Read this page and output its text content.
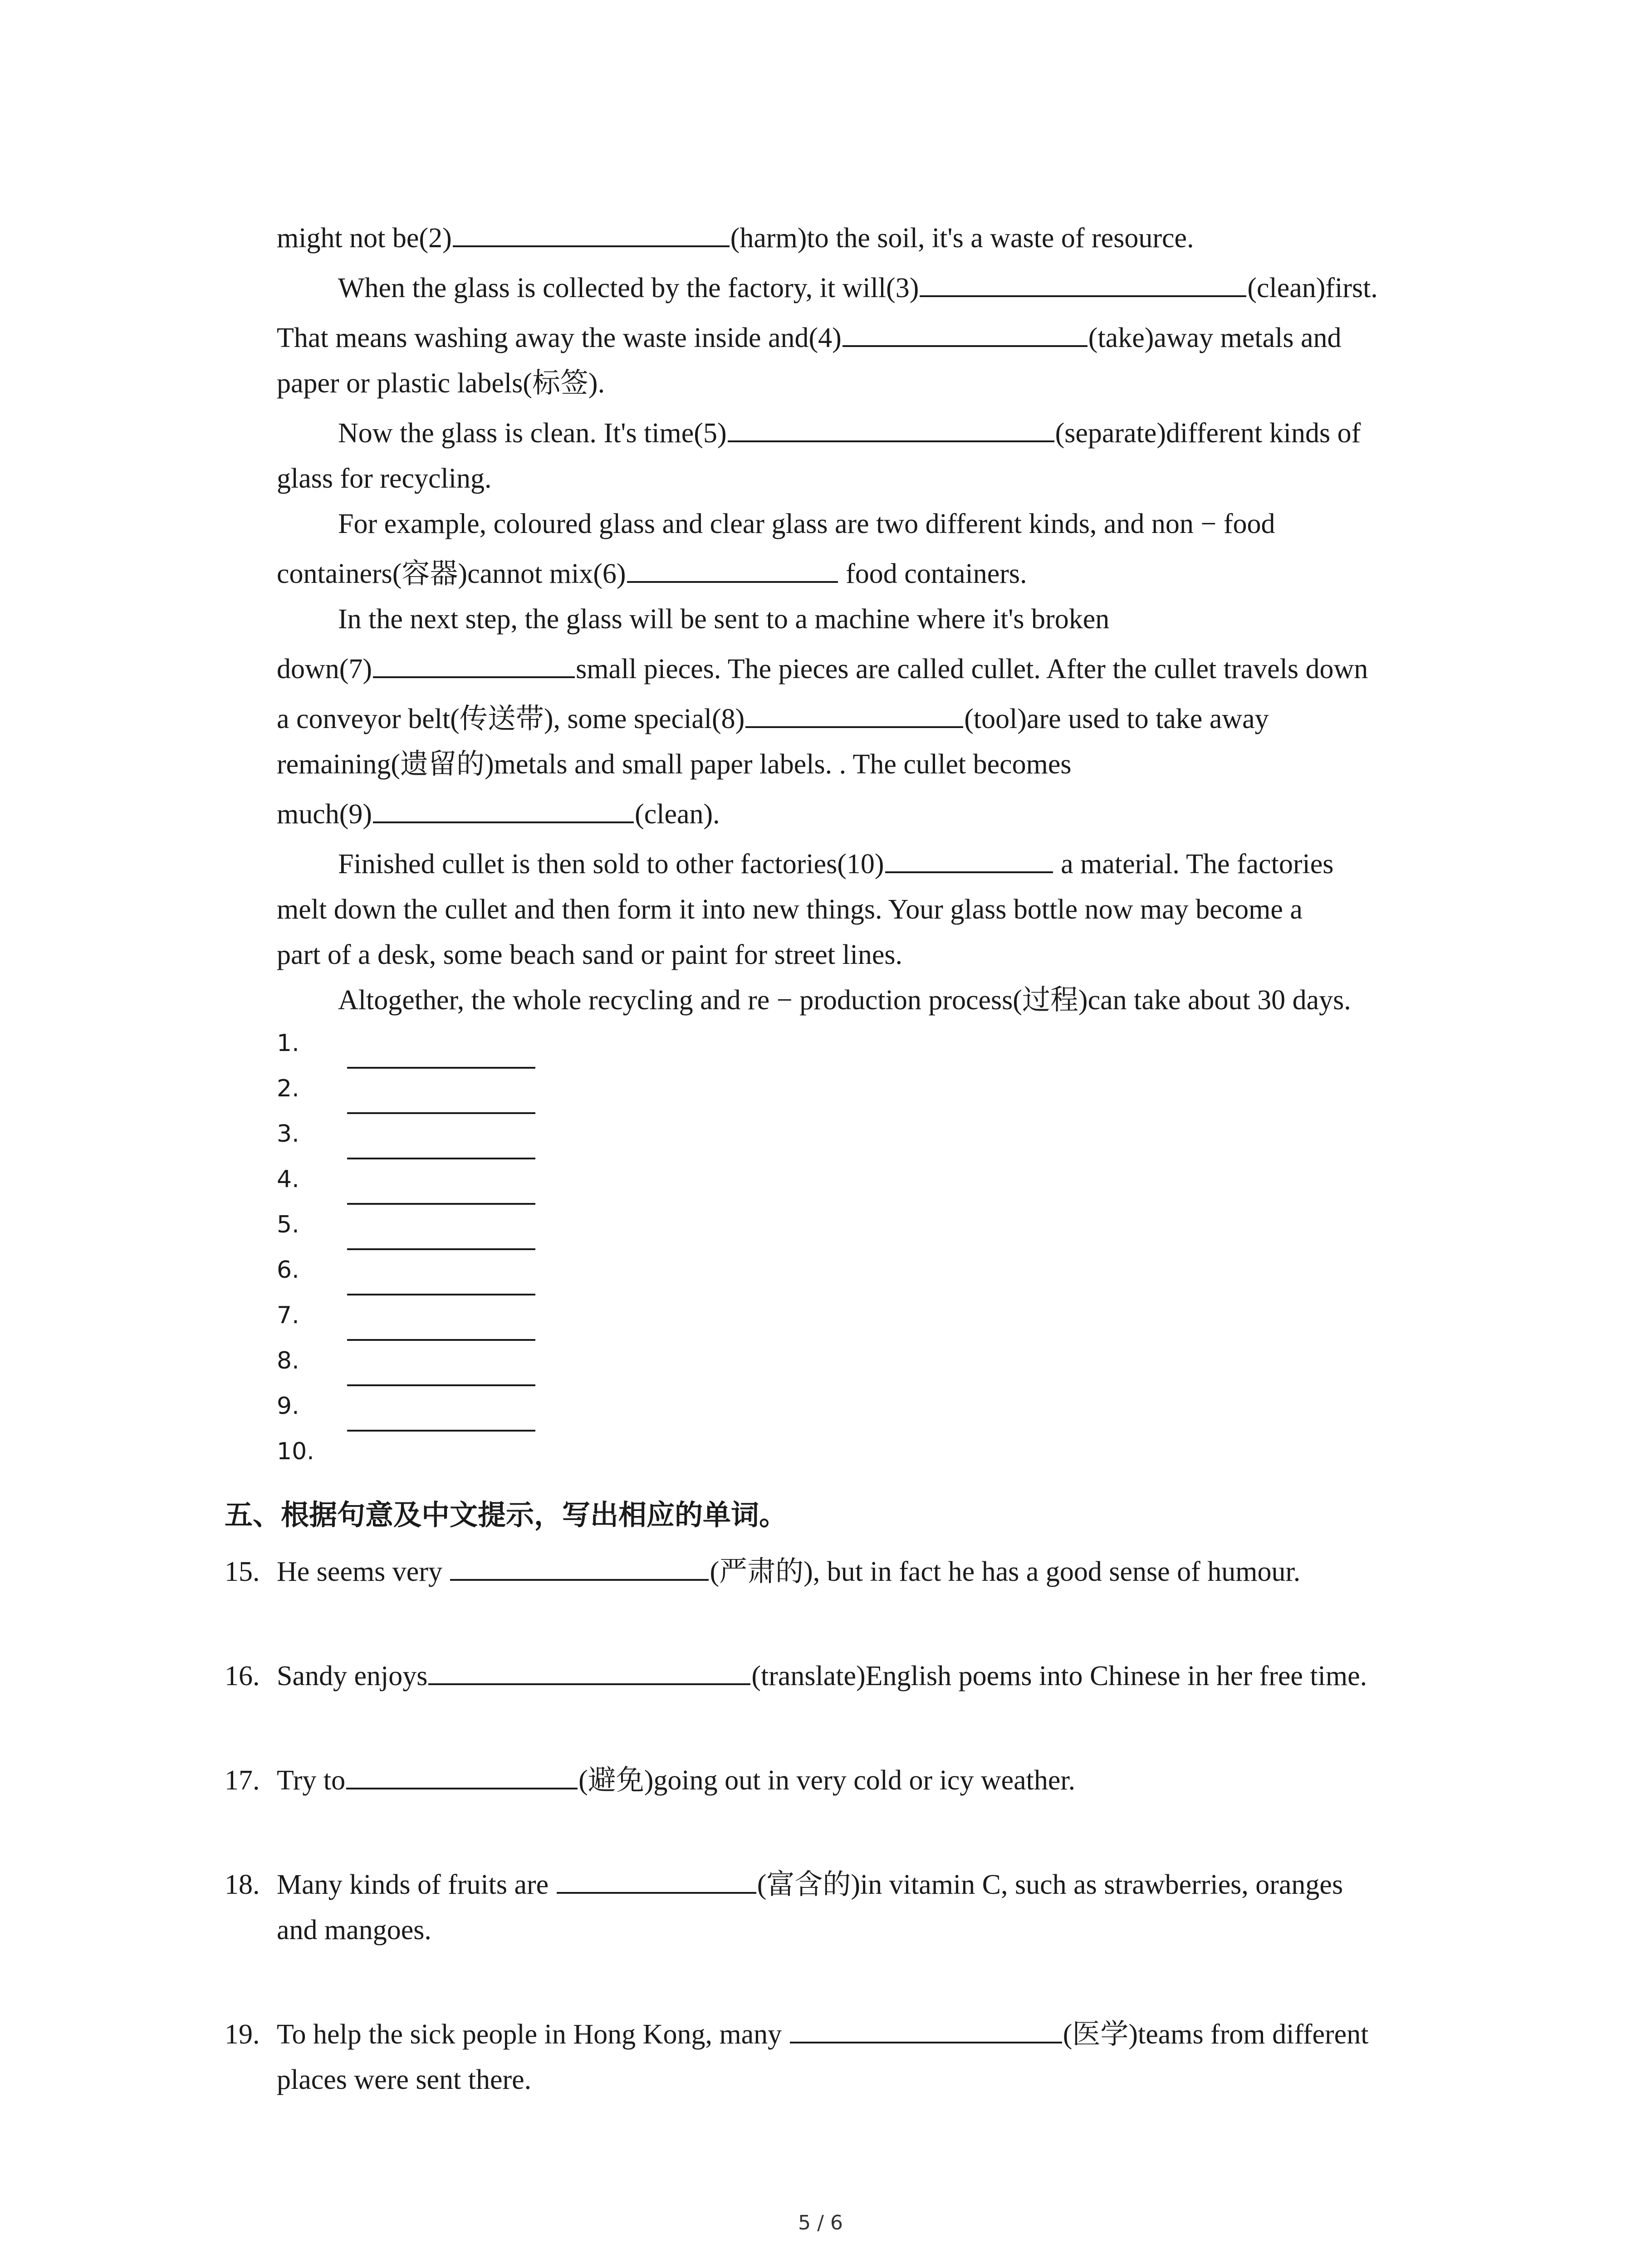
might not be(2)	(harm)to the soil, it's a waste of resource.
When the glass is collected by the factory, it will(3)	(clean)first.
That means washing away the waste inside and(4)	(take)away metals and
paper or plastic labels(标签).
Now the glass is clean. It's time(5)	(separate)different kinds of
glass for recycling.
For example, coloured glass and clear glass are two different kinds, and non − food
containers(容器)cannot mix(6)	food containers.
In the next step, the glass will be sent to a machine where it's broken
down(7)	small pieces. The pieces are called cullet. After the cullet travels down
a conveyor belt(传送带), some special(8)	(tool)are used to take away
remaining(遗留的)metals and small paper labels. . The cullet becomes
much(9)	(clean).
Finished cullet is then sold to other factories(10)	a material. The factories
melt down the cullet and then form it into new things. Your glass bottle now may become a
part of a desk, some beach sand or paint for street lines.
Altogether, the whole recycling and re − production process(过程)can take about 30 days.
1.
2.
3.
4.
5.
6.
7.
8.
9.
10.
五、根据句意及中文提示，写出相应的单词。
15. He seems very	(严肃的), but in fact he has a good sense of humour.
16. Sandy enjoys	(translate)English poems into Chinese in her free time.
17. Try to	(避免)going out in very cold or icy weather.
18. Many kinds of fruits are	(富含的)in vitamin C, such as strawberries, oranges
and mangoes.
19. To help the sick people in Hong Kong, many	(医学)teams from different
places were sent there.
5 / 6
